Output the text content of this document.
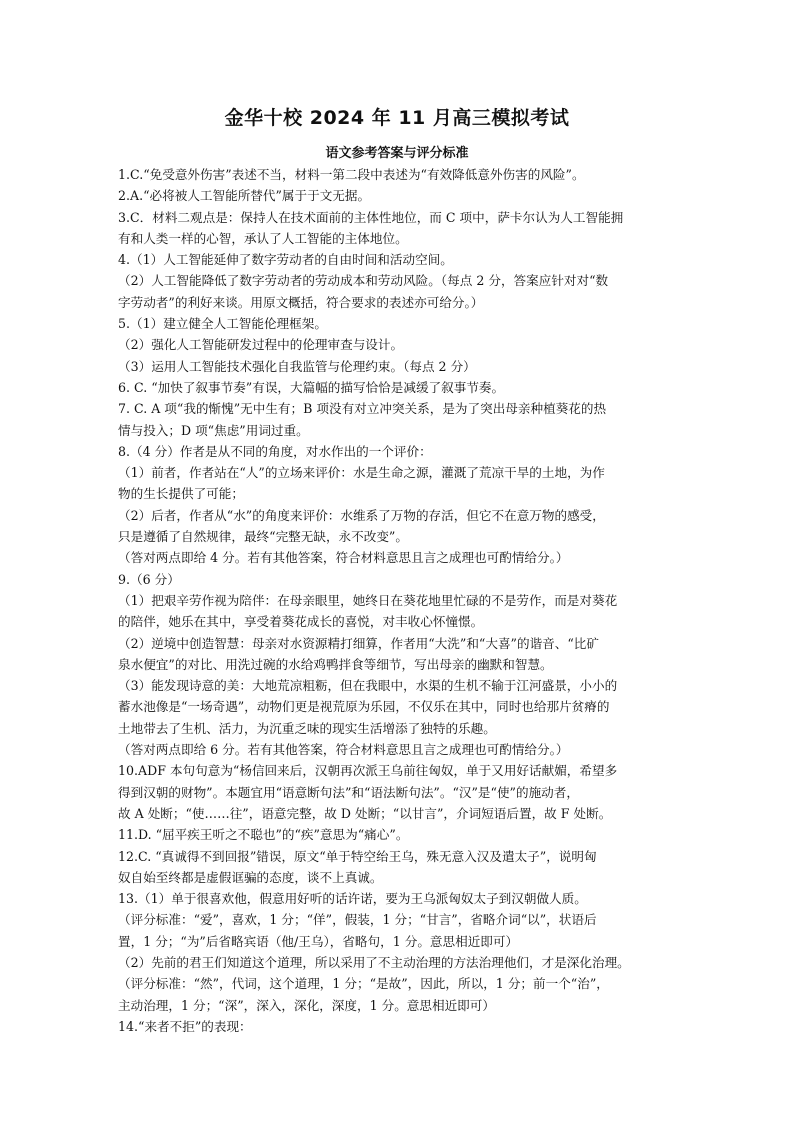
金华十校 2024 年 11 月高三模拟考试
语文参考答案与评分标准
1.C.“免受意外伤害”表述不当，材料一第二段中表述为“有效降低意外伤害的风险”。
2.A.“必将被人工智能所替代”属于于文无据。
3.C．材料二观点是：保持人在技术面前的主体性地位，而 C 项中，萨卡尔认为人工智能拥
有和人类一样的心智，承认了人工智能的主体地位。
4.（1）人工智能延伸了数字劳动者的自由时间和活动空间。
（2）人工智能降低了数字劳动者的劳动成本和劳动风险。（每点 2 分，答案应针对对“数
字劳动者”的利好来谈。用原文概括，符合要求的表述亦可给分。）
5.（1）建立健全人工智能伦理框架。
（2）强化人工智能研发过程中的伦理审查与设计。
（3）运用人工智能技术强化自我监管与伦理约束。（每点 2 分）
6. C. “加快了叙事节奏”有误，大篇幅的描写恰恰是减缓了叙事节奏。
7. C. A 项“我的惭愧”无中生有；B 项没有对立冲突关系，是为了突出母亲种植葵花的热
情与投入；D 项“焦虑”用词过重。
8.（4 分）作者是从不同的角度，对水作出的一个评价：
（1）前者，作者站在“人”的立场来评价：水是生命之源，灌溉了荒凉干旱的土地，为作
物的生长提供了可能；
（2）后者，作者从“水”的角度来评价：水维系了万物的存活，但它不在意万物的感受，
只是遵循了自然规律，最终“完整无缺，永不改变”。
（答对两点即给 4 分。若有其他答案，符合材料意思且言之成理也可酌情给分。）
9.（6 分）
（1）把艰辛劳作视为陪伴：在母亲眼里，她终日在葵花地里忙碌的不是劳作，而是对葵花
的陪伴，她乐在其中，享受着葵花成长的喜悦，对丰收心怀憧憬。
（2）逆境中创造智慧：母亲对水资源精打细算，作者用“大洗”和“大喜”的谐音、“比矿
泉水便宜”的对比、用洗过碗的水给鸡鸭拌食等细节，写出母亲的幽默和智慧。
（3）能发现诗意的美：大地荒凉粗粝，但在我眼中，水渠的生机不输于江河盛景，小小的
蓄水池像是“一场奇遇”，动物们更是视荒原为乐园，不仅乐在其中，同时也给那片贫瘠的
土地带去了生机、活力，为沉重乏味的现实生活增添了独特的乐趣。
（答对两点即给 6 分。若有其他答案，符合材料意思且言之成理也可酌情给分。）
10.ADF 本句句意为“杨信回来后，汉朝再次派王乌前往匈奴，单于又用好话献媚，希望多
得到汉朝的财物”。本题宜用“语意断句法”和“语法断句法”。“汉”是“使”的施动者，
故 A 处断；“使……往”，语意完整，故 D 处断；“以甘言”，介词短语后置，故 F 处断。
11.D. “屈平疾王听之不聪也”的“疾”意思为“痛心”。
12.C. “真诚得不到回报”错误，原文“单于特空绐王乌，殊无意入汉及遣太子”，说明匈
奴自始至终都是虚假诓骗的态度，谈不上真诚。
13.（1）单于很喜欢他，假意用好听的话许诺，要为王乌派匈奴太子到汉朝做人质。
（评分标准：“爱”，喜欢，1 分；“佯”，假装，1 分；“甘言”，省略介词“以”，状语后
置，1 分；“为”后省略宾语（他/王乌），省略句，1 分。意思相近即可）
（2）先前的君王们知道这个道理，所以采用了不主动治理的方法治理他们，才是深化治理。
（评分标准：“然”，代词，这个道理，1 分；“是故”，因此，所以，1 分；前一个“治”，
主动治理，1 分；“深”，深入，深化，深度，1 分。意思相近即可）
14.“来者不拒”的表现：
